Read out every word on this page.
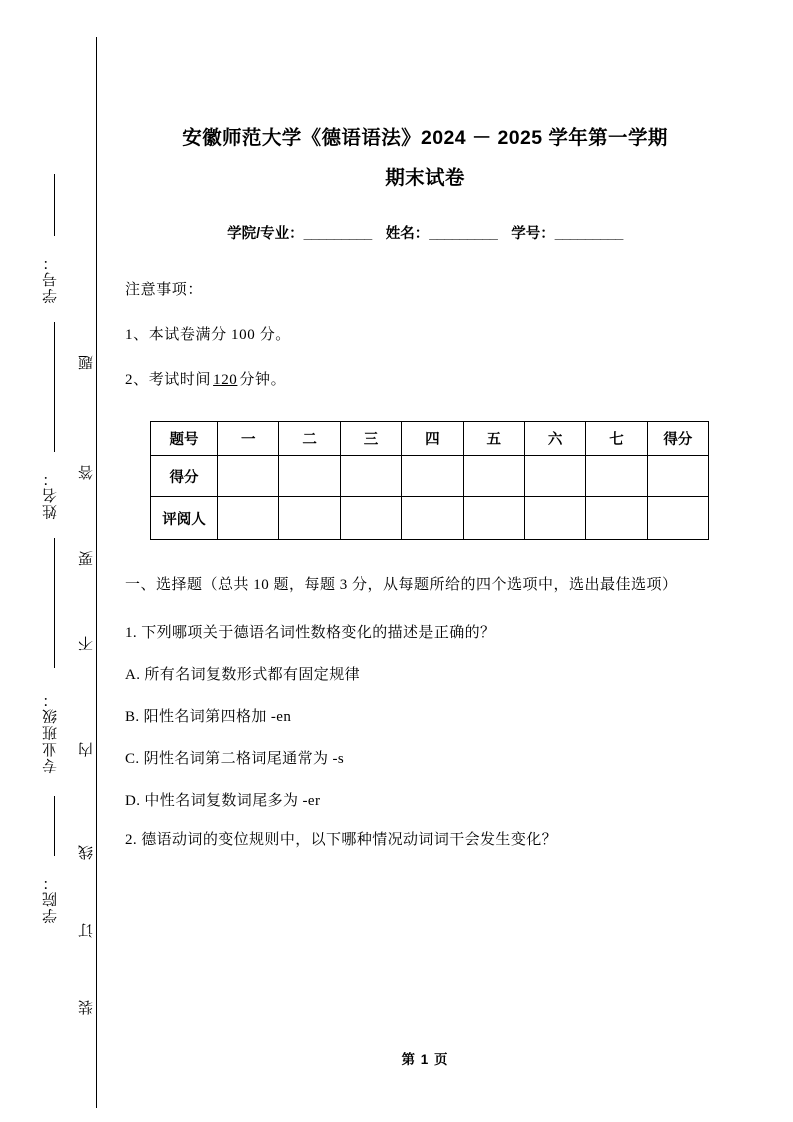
学号：
姓名：
专业班级：
学院：
题
答
要
不
内
线
订
装
安徽师范大学《德语语法》2024 － 2025 学年第一学期
期末试卷
学院/专业：_________ 姓名：_________ 学号：_________
注意事项：
1、本试卷满分 100 分。
2、考试时间 120 分钟。
题号	一	二	三	四	五	六	七	得分
得分								
评阅人								
一、选择题（总共 10 题，每题 3 分，从每题所给的四个选项中，选出最佳选项）
1. 下列哪项关于德语名词性数格变化的描述是正确的？
A. 所有名词复数形式都有固定规律
B. 阳性名词第四格加 -en
C. 阴性名词第二格词尾通常为 -s
D. 中性名词复数词尾多为 -er
2. 德语动词的变位规则中，以下哪种情况动词词干会发生变化？
第 1 页
